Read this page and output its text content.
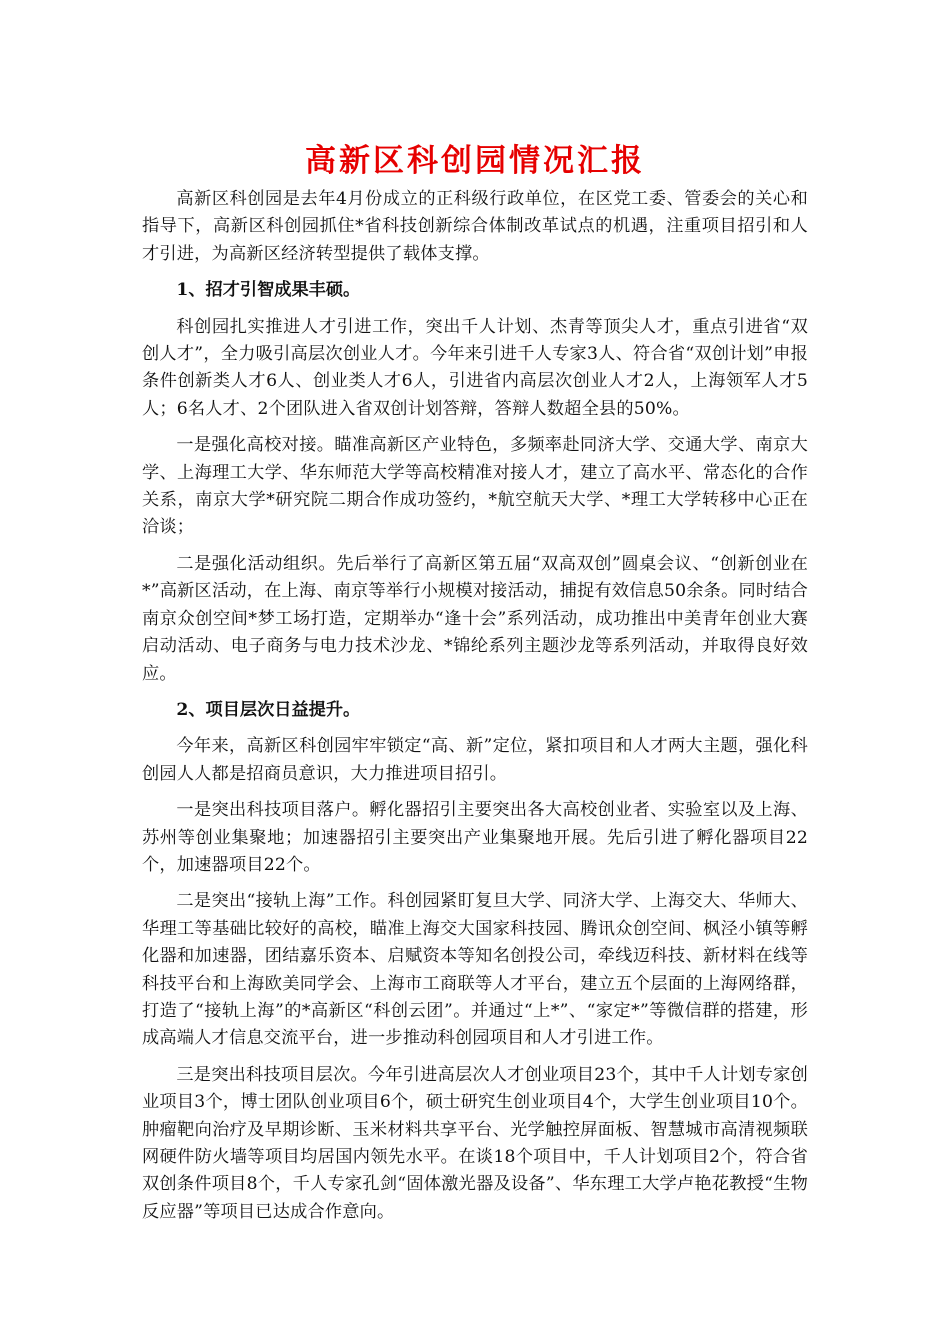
高新区科创园情况汇报

高新区科创园是去年4月份成立的正科级行政单位，在区党工委、管委会的关心和指导下，高新区科创园抓住*省科技创新综合体制改革试点的机遇，注重项目招引和人才引进，为高新区经济转型提供了载体支撑。

1、招才引智成果丰硕。

科创园扎实推进人才引进工作，突出千人计划、杰青等顶尖人才，重点引进省“双创人才”，全力吸引高层次创业人才。今年来引进千人专家3人、符合省“双创计划”申报条件创新类人才6人、创业类人才6人，引进省内高层次创业人才2人，上海领军人才5人；6名人才、2个团队进入省双创计划答辩，答辩人数超全县的50%。

一是强化高校对接。瞄准高新区产业特色，多频率赴同济大学、交通大学、南京大学、上海理工大学、华东师范大学等高校精准对接人才，建立了高水平、常态化的合作关系，南京大学*研究院二期合作成功签约，*航空航天大学、*理工大学转移中心正在洽谈；

二是强化活动组织。先后举行了高新区第五届“双高双创”圆桌会议、“创新创业在*”高新区活动，在上海、南京等举行小规模对接活动，捕捉有效信息50余条。同时结合南京众创空间*梦工场打造，定期举办“逢十会”系列活动，成功推出中美青年创业大赛启动活动、电子商务与电力技术沙龙、*锦纶系列主题沙龙等系列活动，并取得良好效应。

2、项目层次日益提升。

今年来，高新区科创园牢牢锁定“高、新”定位，紧扣项目和人才两大主题，强化科创园人人都是招商员意识，大力推进项目招引。

一是突出科技项目落户。孵化器招引主要突出各大高校创业者、实验室以及上海、苏州等创业集聚地；加速器招引主要突出产业集聚地开展。先后引进了孵化器项目22个，加速器项目22个。

二是突出“接轨上海”工作。科创园紧盯复旦大学、同济大学、上海交大、华师大、华理工等基础比较好的高校，瞄准上海交大国家科技园、腾讯众创空间、枫泾小镇等孵化器和加速器，团结嘉乐资本、启赋资本等知名创投公司，牵线迈科技、新材料在线等科技平台和上海欧美同学会、上海市工商联等人才平台，建立五个层面的上海网络群，打造了“接轨上海”的*高新区“科创云团”。并通过“上*”、“家定*”等微信群的搭建，形成高端人才信息交流平台，进一步推动科创园项目和人才引进工作。

三是突出科技项目层次。今年引进高层次人才创业项目23个，其中千人计划专家创业项目3个，博士团队创业项目6个，硕士研究生创业项目4个，大学生创业项目10个。肿瘤靶向治疗及早期诊断、玉米材料共享平台、光学触控屏面板、智慧城市高清视频联网硬件防火墙等项目均居国内领先水平。在谈18个项目中，千人计划项目2个，符合省双创条件项目8个，千人专家孔剑“固体激光器及设备”、华东理工大学卢艳花教授“生物反应器”等项目已达成合作意向。
